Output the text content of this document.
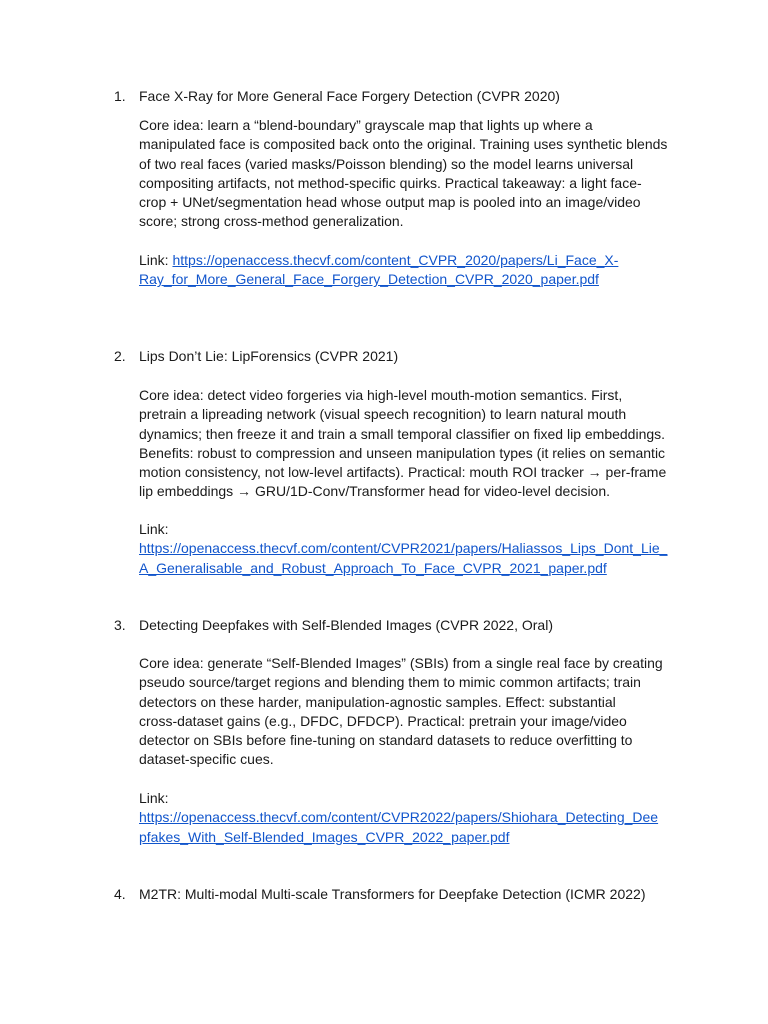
1. Face X-Ray for More General Face Forgery Detection (CVPR 2020)
Core idea: learn a “blend-boundary” grayscale map that lights up where a
manipulated face is composited back onto the original. Training uses synthetic blends
of two real faces (varied masks/Poisson blending) so the model learns universal
compositing artifacts, not method-specific quirks. Practical takeaway: a light face-
crop + UNet/segmentation head whose output map is pooled into an image/video
score; strong cross-method generalization.
Link: https://openaccess.thecvf.com/content_CVPR_2020/papers/Li_Face_X-
Ray_for_More_General_Face_Forgery_Detection_CVPR_2020_paper.pdf
2. Lips Don’t Lie: LipForensics (CVPR 2021)
Core idea: detect video forgeries via high-level mouth-motion semantics. First,
pretrain a lipreading network (visual speech recognition) to learn natural mouth
dynamics; then freeze it and train a small temporal classifier on fixed lip embeddings.
Benefits: robust to compression and unseen manipulation types (it relies on semantic
motion consistency, not low-level artifacts). Practical: mouth ROI tracker → per-frame
lip embeddings → GRU/1D-Conv/Transformer head for video-level decision.
Link:
https://openaccess.thecvf.com/content/CVPR2021/papers/Haliassos_Lips_Dont_Lie_
A_Generalisable_and_Robust_Approach_To_Face_CVPR_2021_paper.pdf
3. Detecting Deepfakes with Self-Blended Images (CVPR 2022, Oral)
Core idea: generate “Self-Blended Images” (SBIs) from a single real face by creating
pseudo source/target regions and blending them to mimic common artifacts; train
detectors on these harder, manipulation-agnostic samples. Effect: substantial
cross-dataset gains (e.g., DFDC, DFDCP). Practical: pretrain your image/video
detector on SBIs before fine-tuning on standard datasets to reduce overfitting to
dataset-specific cues.
Link:
https://openaccess.thecvf.com/content/CVPR2022/papers/Shiohara_Detecting_Dee
pfakes_With_Self-Blended_Images_CVPR_2022_paper.pdf
4. M2TR: Multi-modal Multi-scale Transformers for Deepfake Detection (ICMR 2022)
